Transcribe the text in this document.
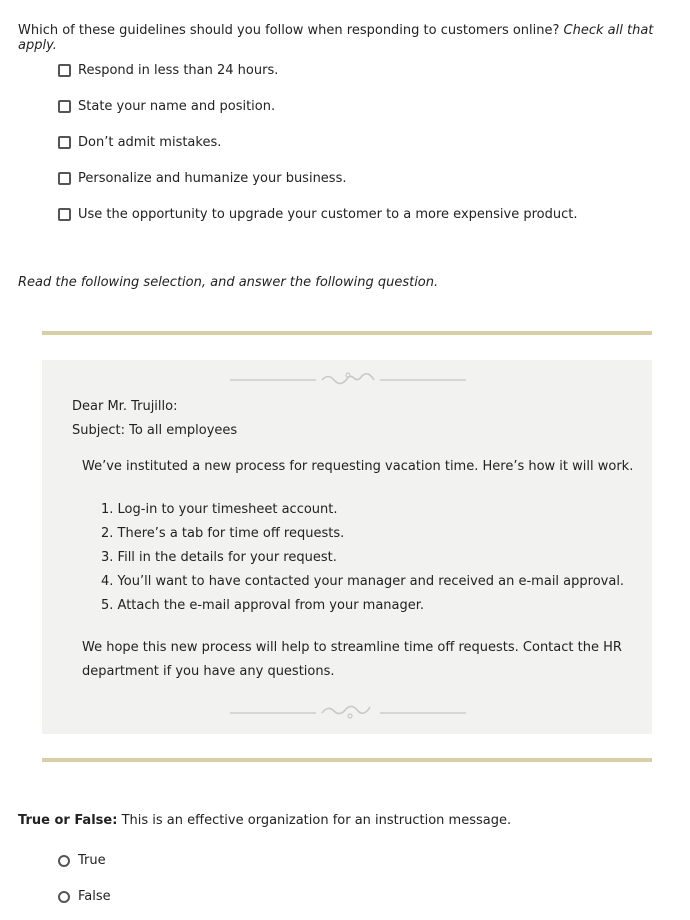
Which of these guidelines should you follow when responding to customers online? Check all that apply.
Respond in less than 24 hours.
State your name and position.
Don’t admit mistakes.
Personalize and humanize your business.
Use the opportunity to upgrade your customer to a more expensive product.
Read the following selection, and answer the following question.
Dear Mr. Trujillo:
Subject: To all employees
We’ve instituted a new process for requesting vacation time. Here’s how it will work.
1. Log-in to your timesheet account.
2. There’s a tab for time off requests.
3. Fill in the details for your request.
4. You’ll want to have contacted your manager and received an e-mail approval.
5. Attach the e-mail approval from your manager.
We hope this new process will help to streamline time off requests. Contact the HR department if you have any questions.
True or False: This is an effective organization for an instruction message.
True
False
